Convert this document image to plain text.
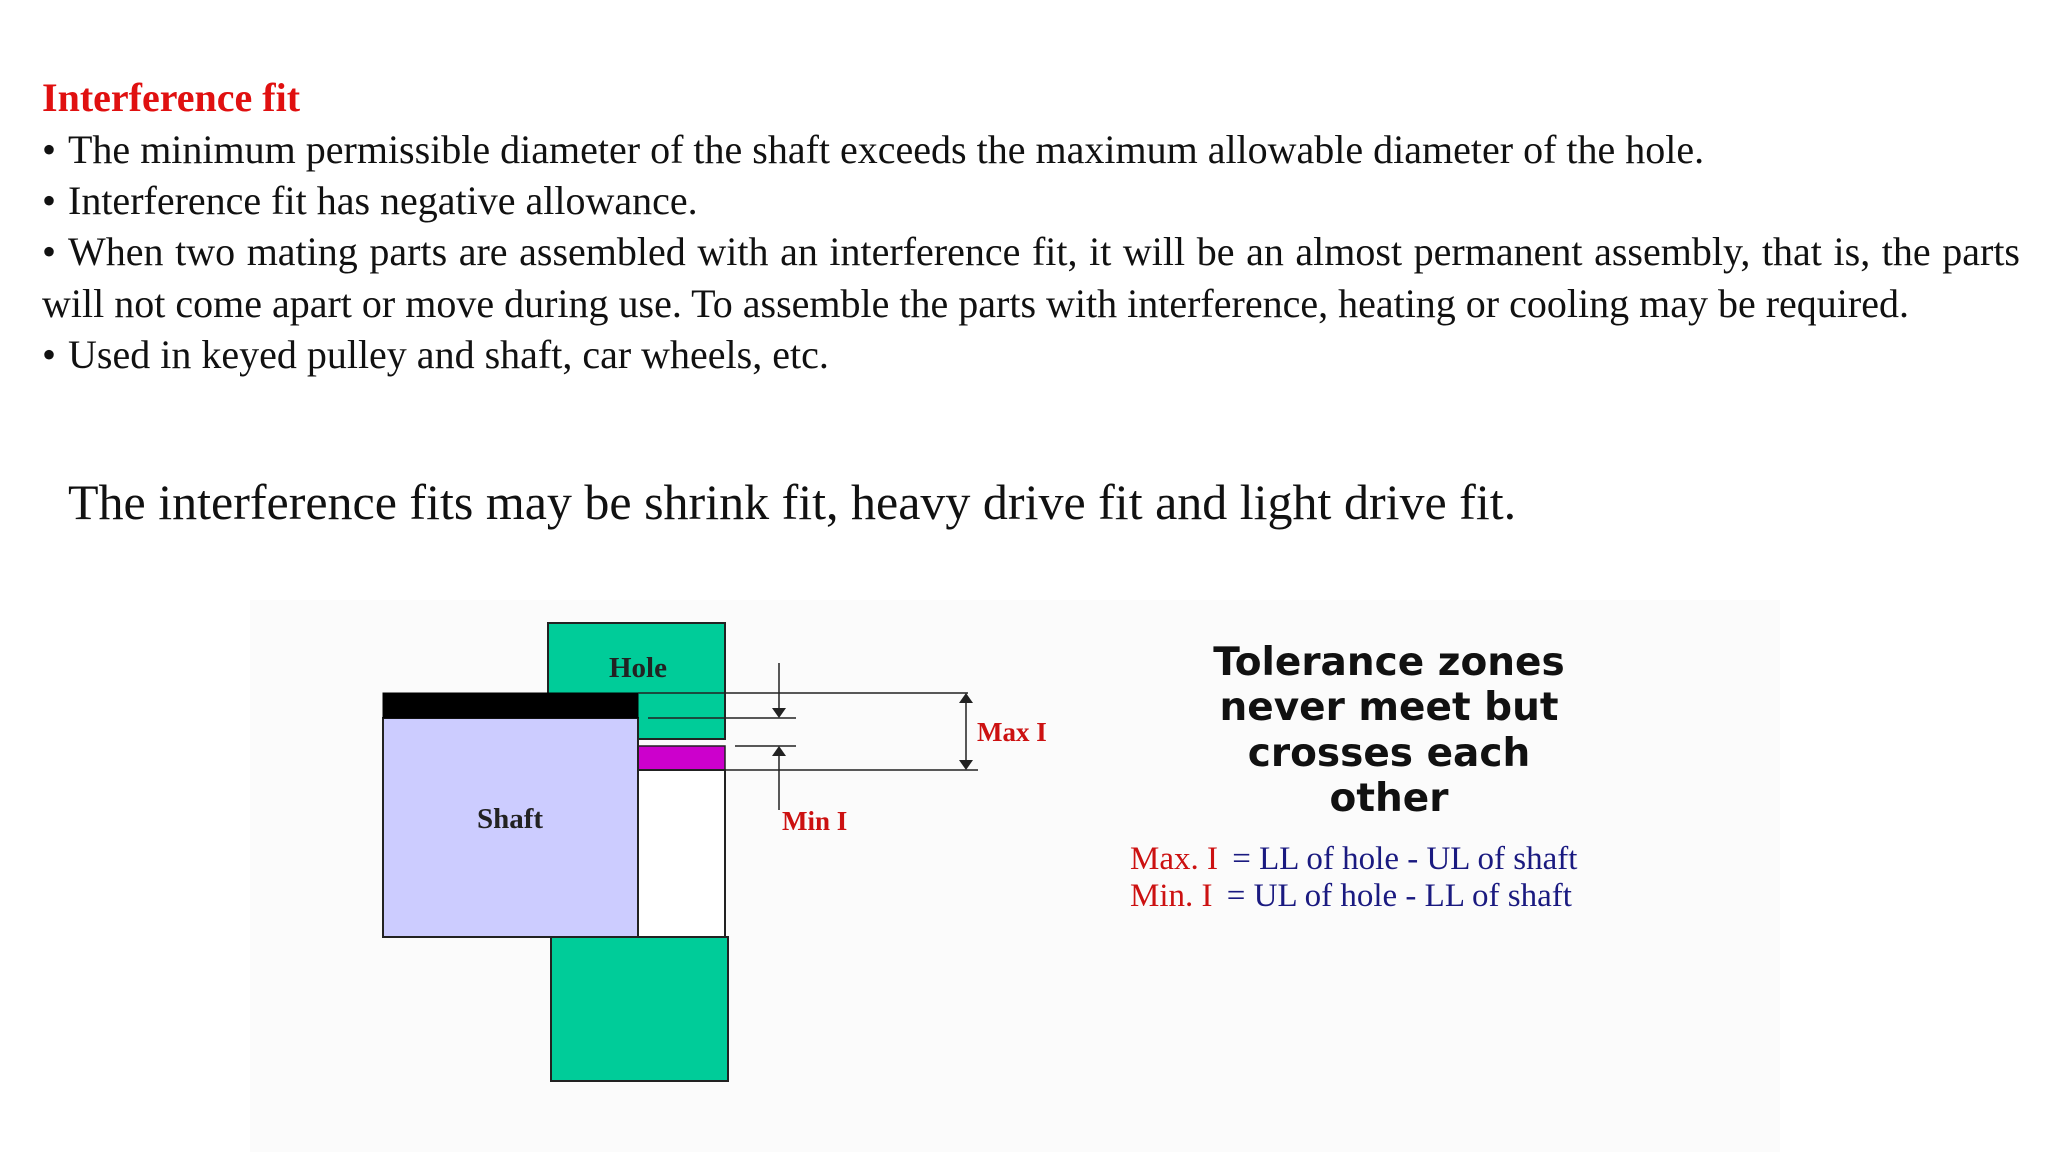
Interference fit
• The minimum permissible diameter of the shaft exceeds the maximum allowable diameter of the hole.
• Interference fit has negative allowance.
• When two mating parts are assembled with an interference fit, it will be an almost permanent assembly, that is, the parts will not come apart or move during use. To assemble the parts with interference, heating or cooling may be required.
• Used in keyed pulley and shaft, car wheels, etc.
The interference fits may be shrink fit, heavy drive fit and light drive fit.
Hole
Shaft
Max I
Min I
Tolerance zones
never meet but
crosses each
other
Max. I = LL of hole - UL of shaft
Min. I = UL of hole - LL of shaft
